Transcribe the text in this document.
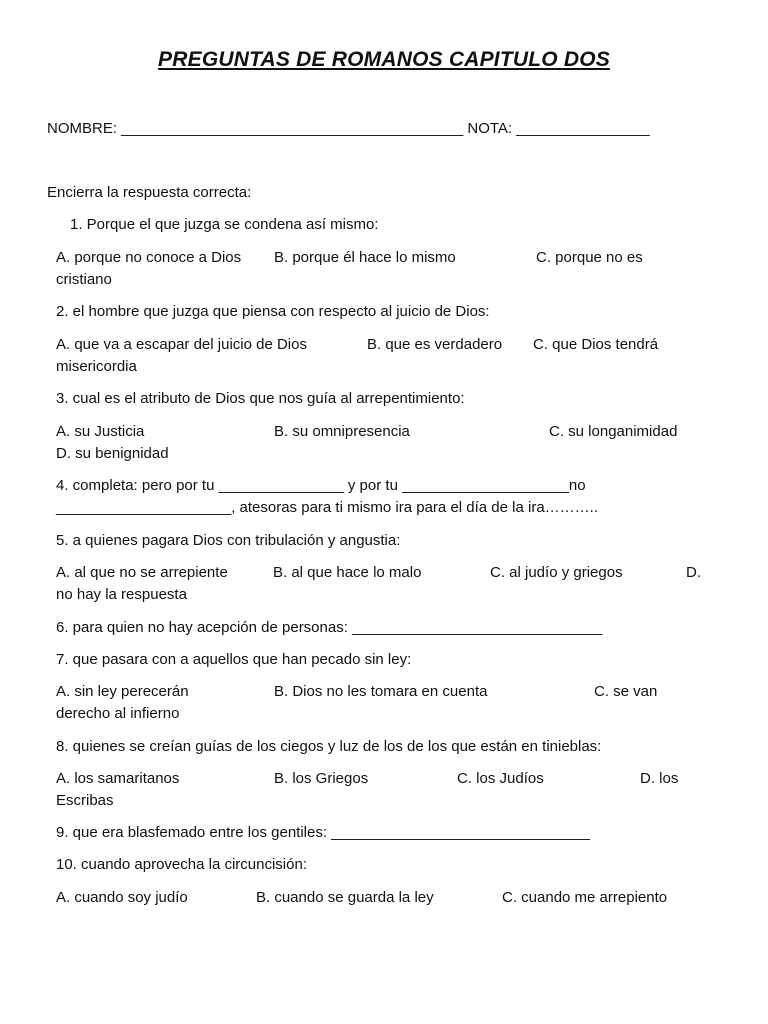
PREGUNTAS DE ROMANOS CAPITULO DOS
NOMBRE: _________________________________________ NOTA: ________________
Encierra la respuesta correcta:
1. Porque el que juzga se condena así mismo:
A. porque no conoce a Dios B. porque él hace lo mismo	C. porque no es
cristiano
2. el hombre que juzga que piensa con respecto al juicio de Dios:
A. que va a escapar del juicio de Dios	B. que es verdadero C. que Dios tendrá
misericordia
3. cual es el atributo de Dios que nos guía al arrepentimiento:
A. su Justicia	B. su omnipresencia	C. su longanimidad
D. su benignidad
4. completa: pero por tu _______________ y por tu ____________________no
_____________________, atesoras para ti mismo ira para el día de la ira………..
5. a quienes pagara Dios con tribulación y angustia:
A. al que no se arrepiente	B. al que hace lo malo	C. al judío y griegos	D.
no hay la respuesta
6. para quien no hay acepción de personas: ______________________________
7. que pasara con a aquellos que han pecado sin ley:
A. sin ley perecerán	B. Dios no les tomara en cuenta	C. se van
derecho al infierno
8. quienes se creían guías de los ciegos y luz de los de los que están en tinieblas:
A. los samaritanos	B. los Griegos	C. los Judíos	D. los
Escribas
9. que era blasfemado entre los gentiles: _______________________________
10. cuando aprovecha la circuncisión:
A. cuando soy judío	B. cuando se guarda la ley	C. cuando me arrepiento
